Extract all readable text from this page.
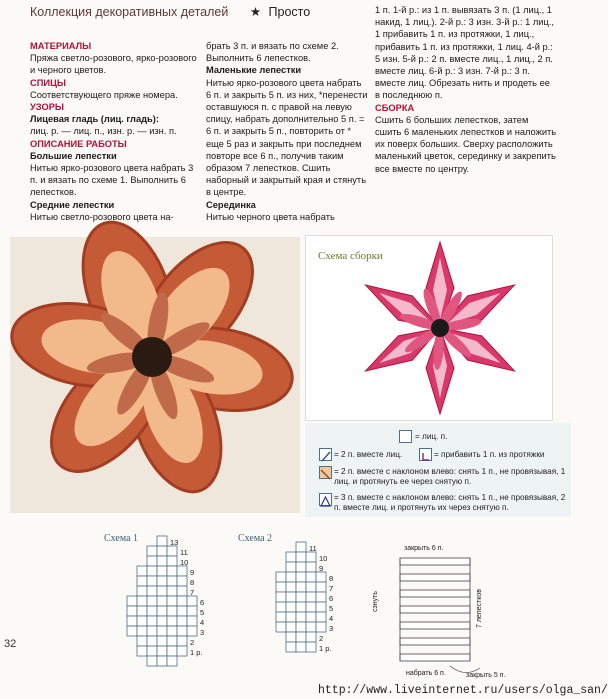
Коллекция декоративных деталей ★ Просто
МАТЕРИАЛЫ
Пряжа светло-розового, ярко-розового и черного цветов.
СПИЦЫ
Соответствующего пряже номера.
УЗОРЫ
Лицевая гладь (лиц. гладь):
лиц. р. — лиц. п., изн. р. — изн. п.
ОПИСАНИЕ РАБОТЫ
Большие лепестки
Нитью ярко-розового цвета набрать 3 п. и вязать по схеме 1. Выполнить 6 лепестков.
Средние лепестки
Нитью светло-розового цвета на-
брать 3 п. и вязать по схеме 2. Выполнить 6 лепестков.
Маленькие лепестки
Нитью ярко-розового цвета набрать 6 п. и закрыть 5 п. из них, *перенести оставшуюся п. с правой на левую спицу, набрать дополнительно 5 п. = 6 п. и закрыть 5 п., повторить от * еще 5 раз и закрыть при последнем повторе все 6 п., получив таким образом 7 лепестков. Сшить наборный и закрытый края и стянуть в центре.
Серединка
Нитью черного цвета набрать
1 п. 1-й р.: из 1 п. вывязать 3 п. (1 лиц., 1 накид, 1 лиц.). 2-й р.: 3 изн. 3-й р.: 1 лиц., 1 прибавить 1 п. из протяжки, 1 лиц., прибавить 1 п. из протяжки, 1 лиц. 4-й р.: 5 изн. 5-й р.: 2 п. вместе лиц., 1 лиц., 2 п. вместе лиц. 6-й р.: 3 изн. 7-й р.: 3 п. вместе лиц. Обрезать нить и продеть ее в последнюю п.
СБОРКА
Сшить 6 больших лепестков, затем сшить 6 маленьких лепестков и наложить их поверх больших. Сверху расположить маленький цветок, серединку и закрепить все вместе по центру.
Схема сборки
= лиц. п.
= 2 п. вместе лиц.	= прибавить 1 п. из протяжки
= 2 п. вместе с наклоном влево: снять 1 п., не провязывая, 1 лиц. и протянуть ее через снятую п.
= 3 п. вместе с наклоном влево: снять 1 п., не провязывая, 2 п. вместе лиц. и протянуть их через снятую п.
Схема 1	Схема 2
13
11
10
9
8
7
6
5
4
3
2
1 р.
11
10
9
8
7
6
5
4
3
2
1 р.
закрыть 6 п.
сзнуть	7 лепестков
набрать 6 п.	закрыть 5 п.
32
http://www.liveinternet.ru/users/olga_san/
